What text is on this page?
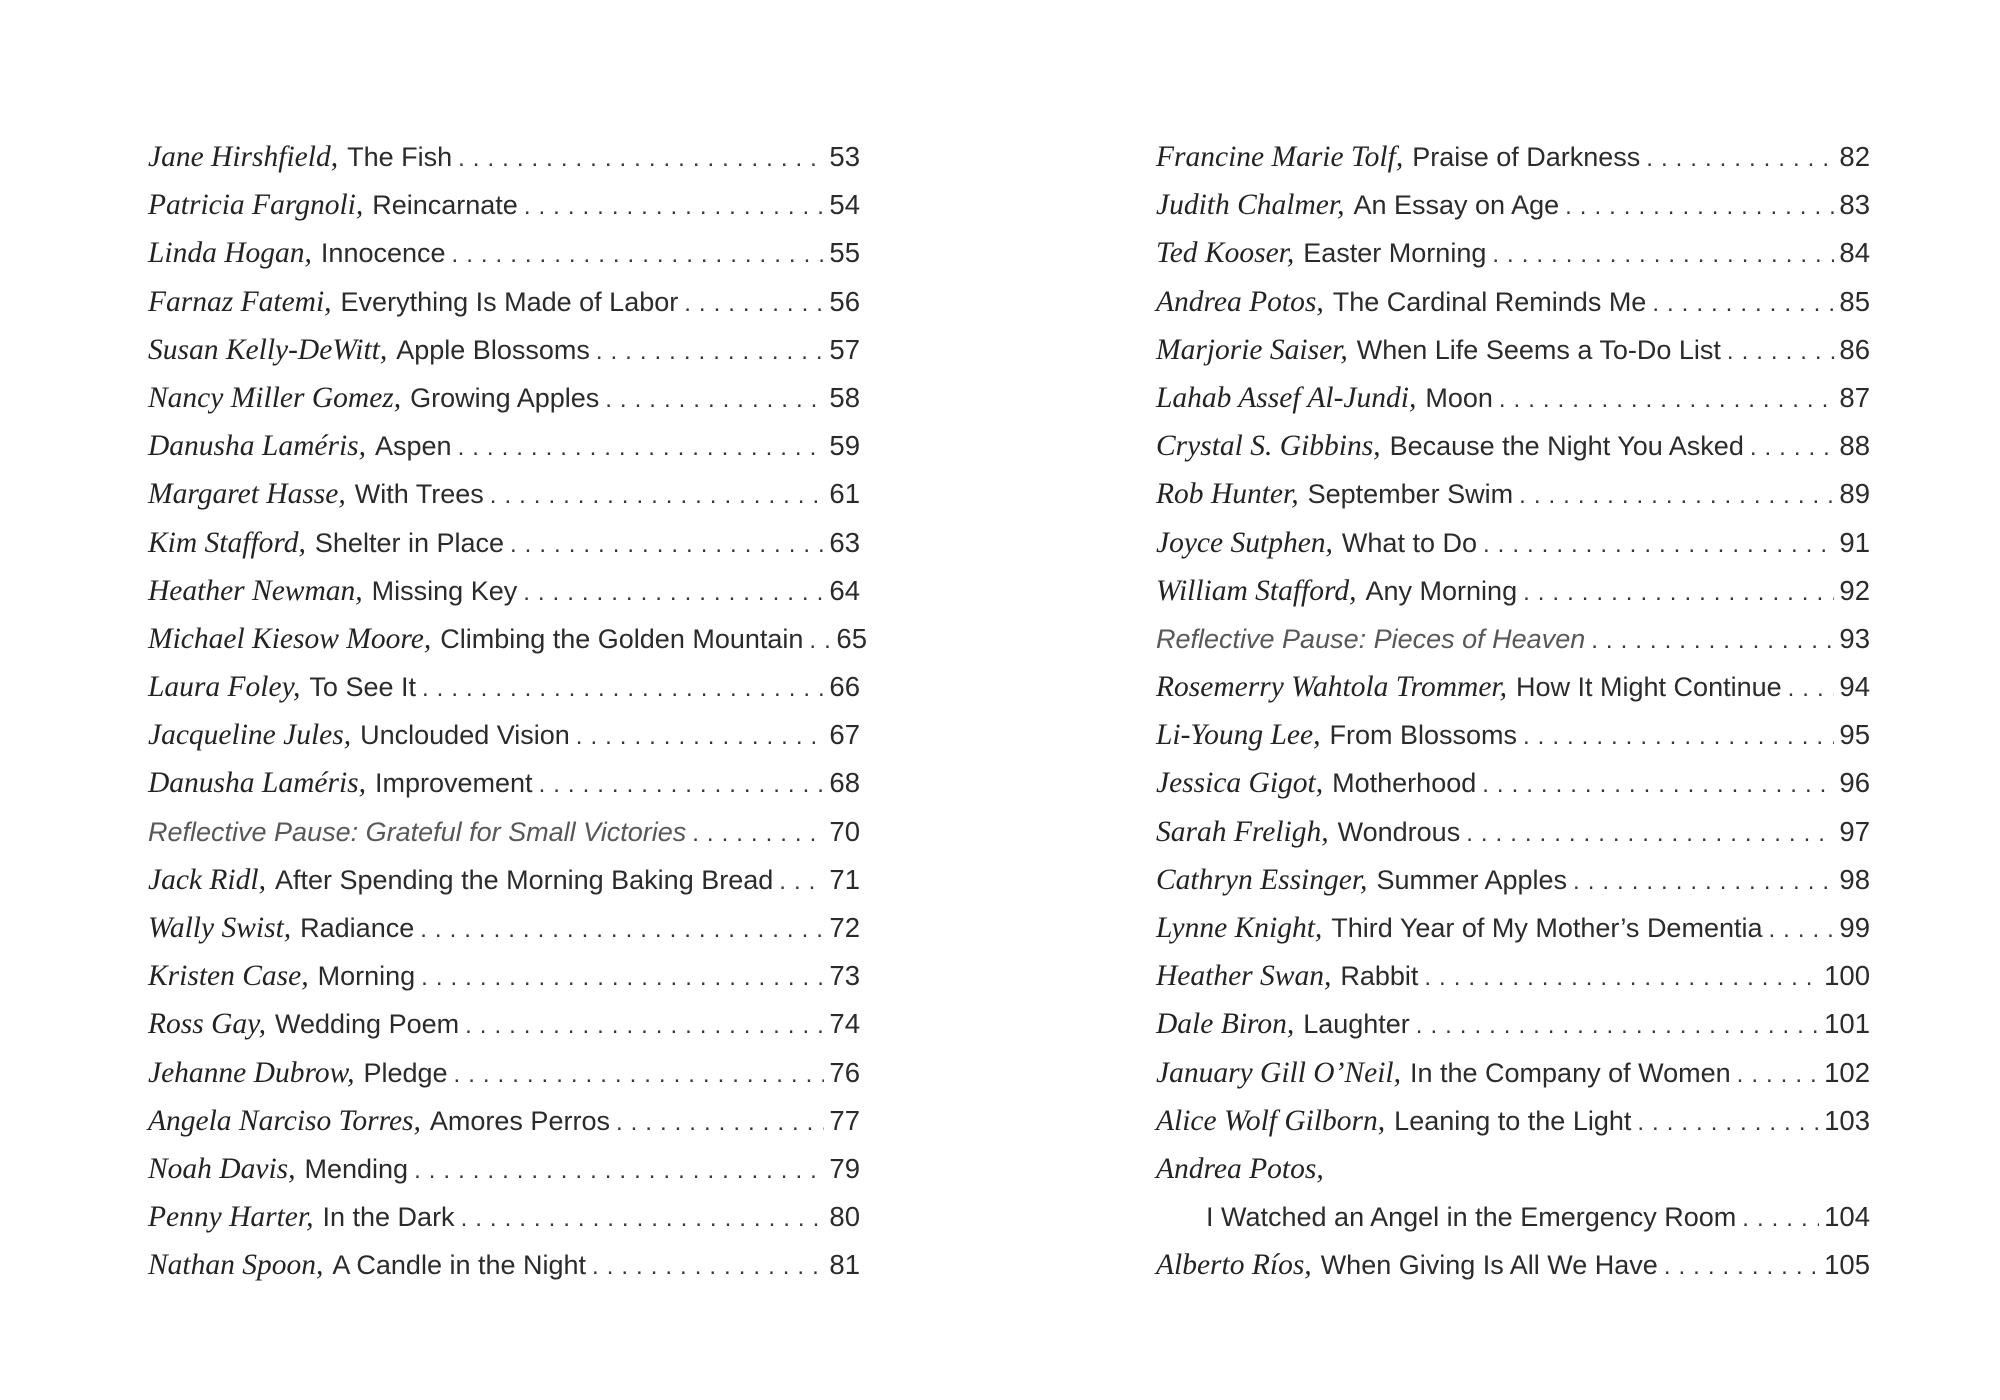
Jane Hirshfield, The Fish .....	53
Patricia Fargnoli, Reincarnate .....	54
Linda Hogan, Innocence .....	55
Farnaz Fatemi, Everything Is Made of Labor .....	56
Susan Kelly-DeWitt, Apple Blossoms .....	57
Nancy Miller Gomez, Growing Apples .....	58
Danusha Laméris, Aspen .....	59
Margaret Hasse, With Trees .....	61
Kim Stafford, Shelter in Place .....	63
Heather Newman, Missing Key .....	64
Michael Kiesow Moore, Climbing the Golden Mountain ..... 65
Laura Foley, To See It .....	66
Jacqueline Jules, Unclouded Vision .....	67
Danusha Laméris, Improvement .....	68
Reflective Pause: Grateful for Small Victories .....	70
Jack Ridl, After Spending the Morning Baking Bread ..... 71
Wally Swist, Radiance .....	72
Kristen Case, Morning .....	73
Ross Gay, Wedding Poem .....	74
Jehanne Dubrow, Pledge .....	76
Angela Narciso Torres, Amores Perros .....	77
Noah Davis, Mending .....	79
Penny Harter, In the Dark .....	80
Nathan Spoon, A Candle in the Night .....	81
Francine Marie Tolf, Praise of Darkness .....	82
Judith Chalmer, An Essay on Age .....	83
Ted Kooser, Easter Morning .....	84
Andrea Potos, The Cardinal Reminds Me .....	85
Marjorie Saiser, When Life Seems a To-Do List .....	86
Lahab Assef Al-Jundi, Moon .....	87
Crystal S. Gibbins, Because the Night You Asked .....	88
Rob Hunter, September Swim .....	89
Joyce Sutphen, What to Do .....	91
William Stafford, Any Morning .....	92
Reflective Pause: Pieces of Heaven .....	93
Rosemerry Wahtola Trommer, How It Might Continue ..... 94
Li-Young Lee, From Blossoms .....	95
Jessica Gigot, Motherhood .....	96
Sarah Freligh, Wondrous .....	97
Cathryn Essinger, Summer Apples .....	98
Lynne Knight, Third Year of My Mother’s Dementia .....	99
Heather Swan, Rabbit .....	100
Dale Biron, Laughter .....	101
January Gill O’Neil, In the Company of Women .....	102
Alice Wolf Gilborn, Leaning to the Light .....	103
Andrea Potos,
I Watched an Angel in the Emergency Room .....	104
Alberto Ríos, When Giving Is All We Have .....	105
